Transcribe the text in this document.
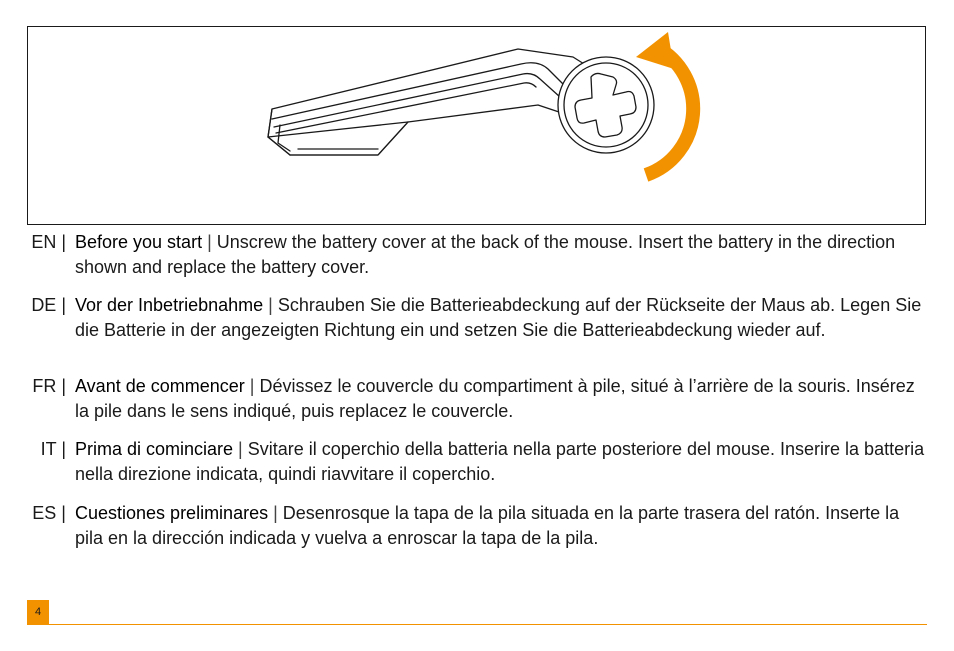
EN | Before you start | Unscrew the battery cover at the back of the mouse. Insert the battery in the direction shown and replace the battery cover.

DE | Vor der Inbetriebnahme | Schrauben Sie die Batterieabdeckung auf der Rückseite der Maus ab. Legen Sie die Batterie in der angezeigten Richtung ein und setzen Sie die Batterieabdeckung wieder auf.

FR | Avant de commencer | Dévissez le couvercle du compartiment à pile, situé à l’arrière de la souris. Insérez la pile dans le sens indiqué, puis replacez le couvercle.

IT | Prima di cominciare | Svitare il coperchio della batteria nella parte posteriore del mouse. Inserire la batteria nella direzione indicata, quindi riavvitare il coperchio.

ES | Cuestiones preliminares | Desenrosque la tapa de la pila situada en la parte trasera del ratón. Inserte la pila en la dirección indicada y vuelva a enroscar la tapa de la pila.

4
